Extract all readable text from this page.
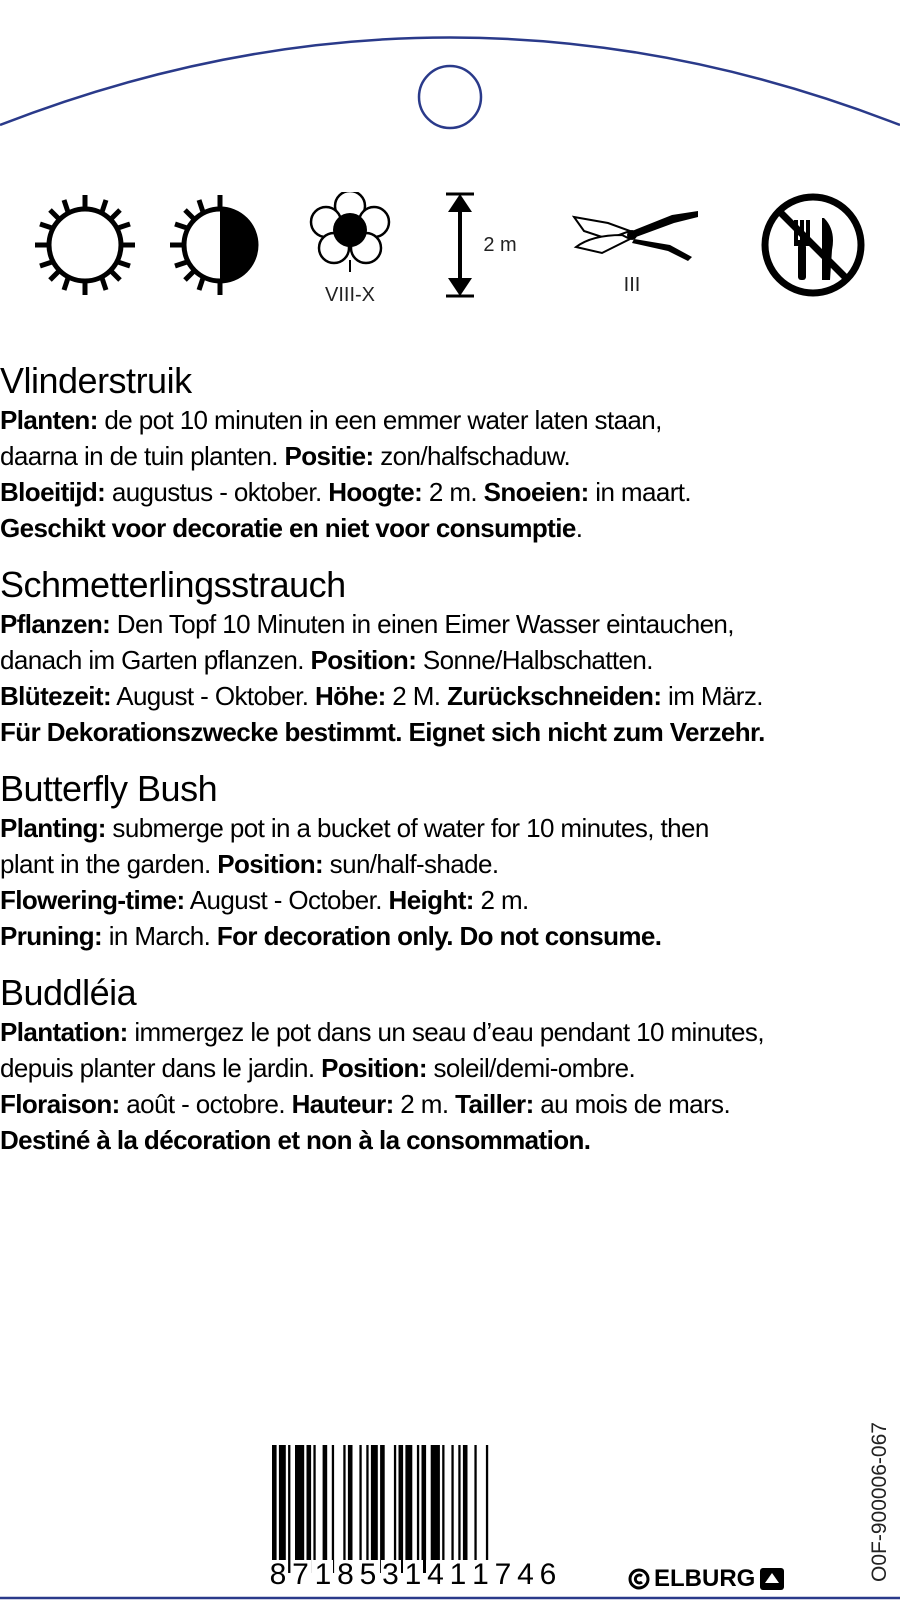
VIII-X
2 m
III
Vlinderstruik

Planten: de pot 10 minuten in een emmer water laten staan,

daarna in de tuin planten. Positie: zon/halfschaduw.

Bloeitijd: augustus - oktober. Hoogte: 2 m. Snoeien: in maart.

Geschikt voor decoratie en niet voor consumptie.

Schmetterlingsstrauch

Pflanzen: Den Topf 10 Minuten in einen Eimer Wasser eintauchen,

danach im Garten pflanzen. Position: Sonne/Halbschatten.

Blütezeit: August - Oktober. Höhe: 2 M. Zurückschneiden: im März.

Für Dekorationszwecke bestimmt. Eignet sich nicht zum Verzehr.

Butterfly Bush

Planting: submerge pot in a bucket of water for 10 minutes, then

plant in the garden. Position: sun/half-shade.

Flowering-time: August - October. Height: 2 m.

Pruning: in March. For decoration only. Do not consume.

Buddléia

Plantation: immergez le pot dans un seau d’eau pendant 10 minutes,

depuis planter dans le jardin. Position: soleil/demi-ombre.

Floraison: août - octobre. Hauteur: 2 m. Tailler: au mois de mars.

Destiné à la décoration et non à la consommation.

8 7 1 8 5 3 1 4 1 1 7 4 6	ELBURG	O0F-900006-067
